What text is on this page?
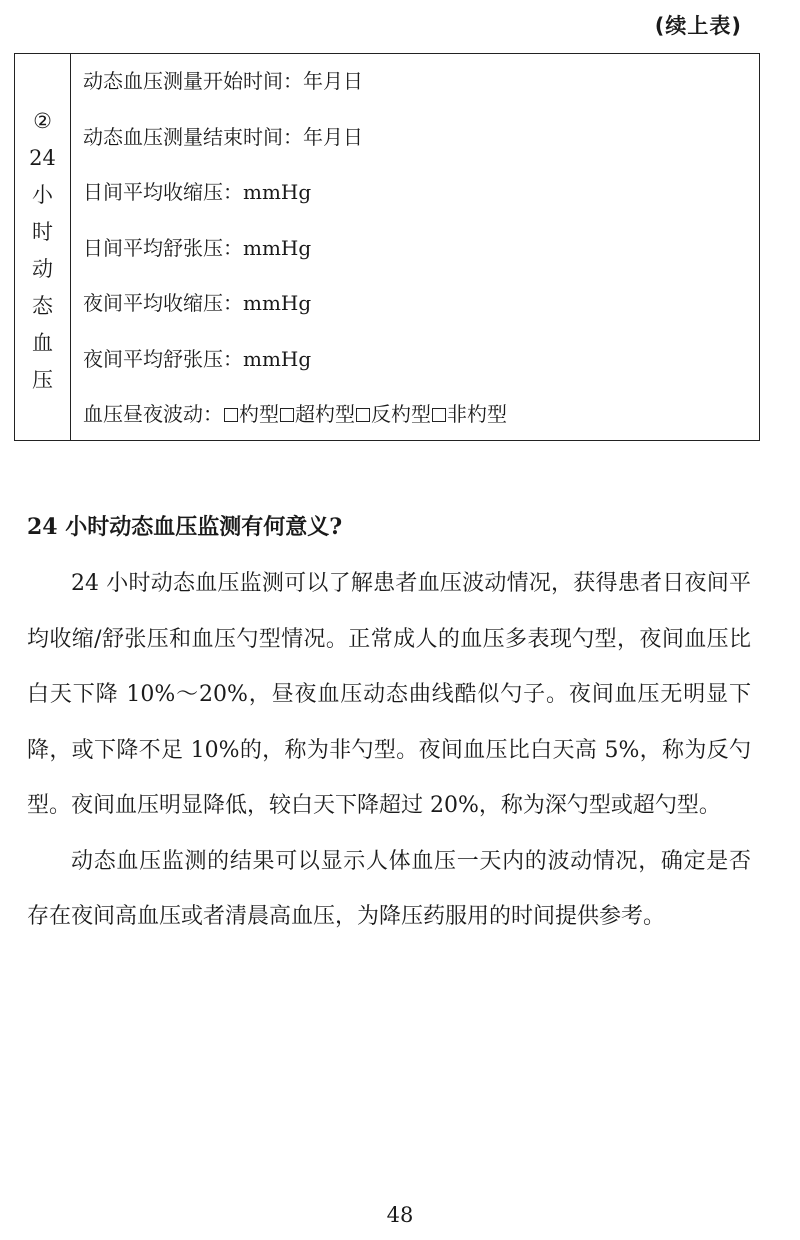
(续上表)
②
24
小
时
动
态
血
压
动态血压测量开始时间：年月日
动态血压测量结束时间：年月日
日间平均收缩压：mmHg
日间平均舒张压：mmHg
夜间平均收缩压：mmHg
夜间平均舒张压：mmHg
血压昼夜波动： 杓型 超杓型 反杓型 非杓型
24 小时动态血压监测有何意义?

24 小时动态血压监测可以了解患者血压波动情况，获得患者日夜间平均收缩/舒张压和血压勺型情况。正常成人的血压多表现勺型，夜间血压比白天下降 10%～20%，昼夜血压动态曲线酷似勺子。夜间血压无明显下降，或下降不足 10%的，称为非勺型。夜间血压比白天高 5%，称为反勺型。夜间血压明显降低，较白天下降超过 20%，称为深勺型或超勺型。

动态血压监测的结果可以显示人体血压一天内的波动情况，确定是否存在夜间高血压或者清晨高血压，为降压药服用的时间提供参考。

48
